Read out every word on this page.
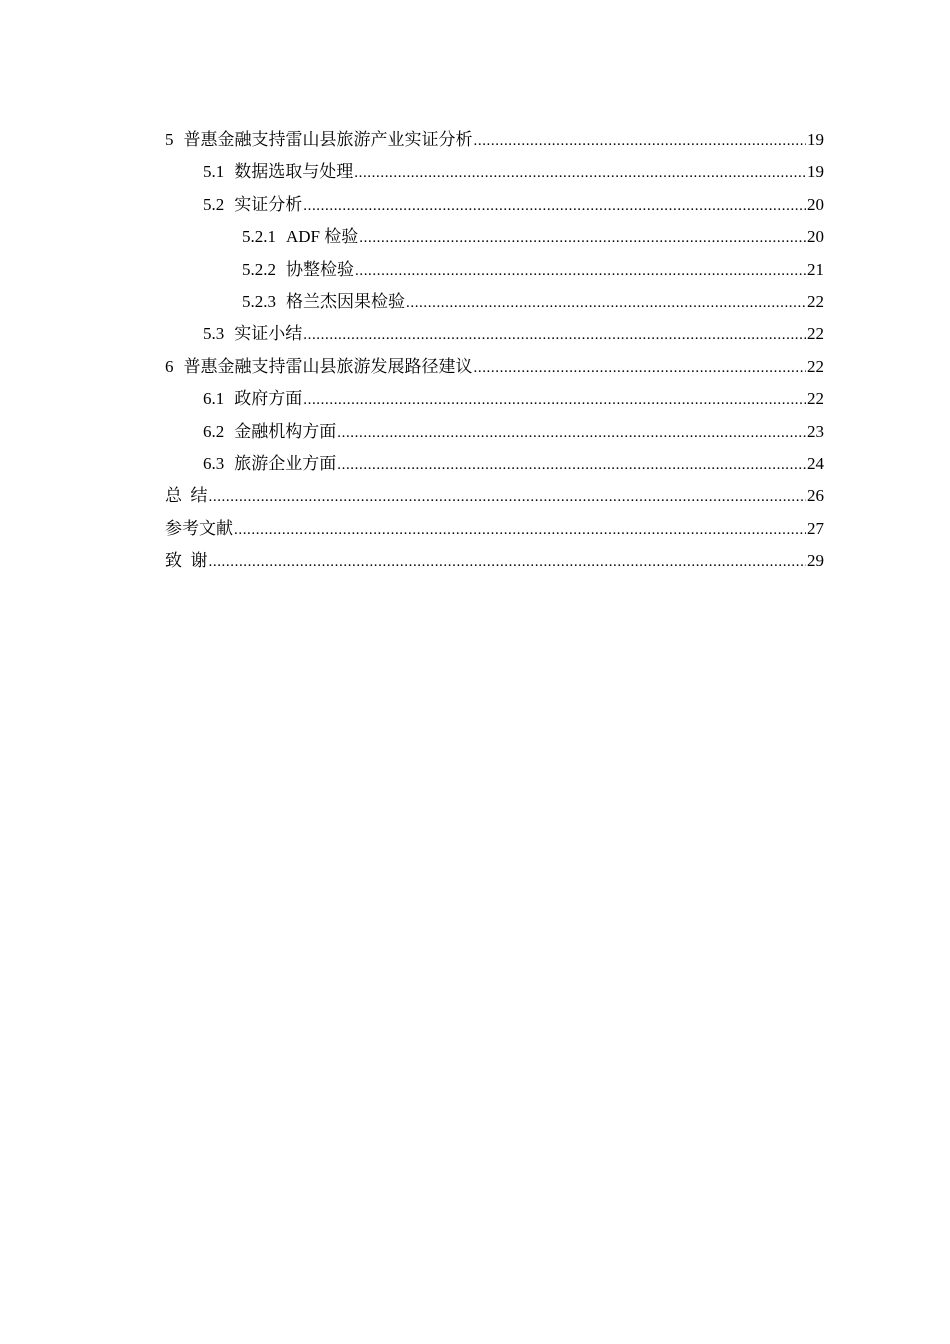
5 普惠金融支持雷山县旅游产业实证分析 .....	19
5.1 数据选取与处理 .....	19
5.2 实证分析 .....	20
5.2.1 ADF 检验 .....	20
5.2.2 协整检验 .....	21
5.2.3 格兰杰因果检验 .....	22
5.3 实证小结 .....	22
6 普惠金融支持雷山县旅游发展路径建议 .....	22
6.1 政府方面 .....	22
6.2 金融机构方面 .....	23
6.3 旅游企业方面 .....	24
总  结 .....	26
参考文献 .....	27
致  谢 .....	29
